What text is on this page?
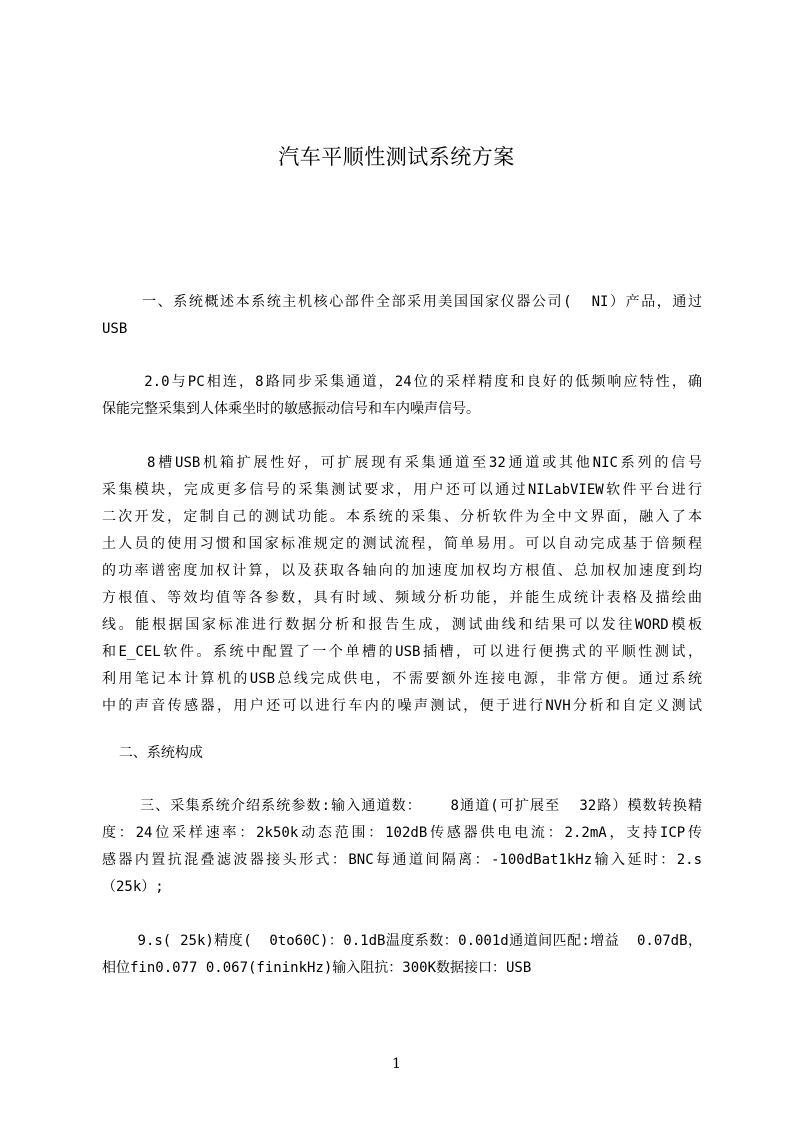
汽车平顺性测试系统方案
一、系统概述本系统主机核心部件全部采用美国国家仪器公司(  NI）产品，通过
USB
2.0与PC相连，8路同步采集通道，24位的采样精度和良好的低频响应特性，确
保能完整采集到人体乘坐时的敏感振动信号和车内噪声信号。
8槽USB机箱扩展性好，可扩展现有采集通道至32通道或其他NIC系列的信号
采集模块，完成更多信号的采集测试要求，用户还可以通过NILabVIEW软件平台进行
二次开发，定制自己的测试功能。本系统的采集、分析软件为全中文界面，融入了本
土人员的使用习惯和国家标准规定的测试流程，简单易用。可以自动完成基于倍频程
的功率谱密度加权计算，以及获取各轴向的加速度加权均方根值、总加权加速度到均
方根值、等效均值等各参数，具有时域、频域分析功能，并能生成统计表格及描绘曲
线。能根据国家标准进行数据分析和报告生成，测试曲线和结果可以发往WORD模板
和E_CEL软件。系统中配置了一个单槽的USB插槽，可以进行便携式的平顺性测试，
利用笔记本计算机的USB总线完成供电，不需要额外连接电源，非常方便。通过系统
中的声音传感器，用户还可以进行车内的噪声测试，便于进行NVH分析和自定义测试
二、系统构成
三、采集系统介绍系统参数:输入通道数：   8通道(可扩展至  32路）模数转换精
度：24位采样速率：2k50k动态范围：102dB传感器供电电流：2.2mA，支持ICP传
感器内置抗混叠滤波器接头形式：BNC每通道间隔离：-100dBat1kHz输入延时：2.s
（25k）;
9.s( 25k)精度(  0to60C)：0.1dB温度系数：0.001d通道间匹配:增益  0.07dB，
相位fin0.077 0.067(fininkHz)输入阻抗：300K数据接口：USB
1
